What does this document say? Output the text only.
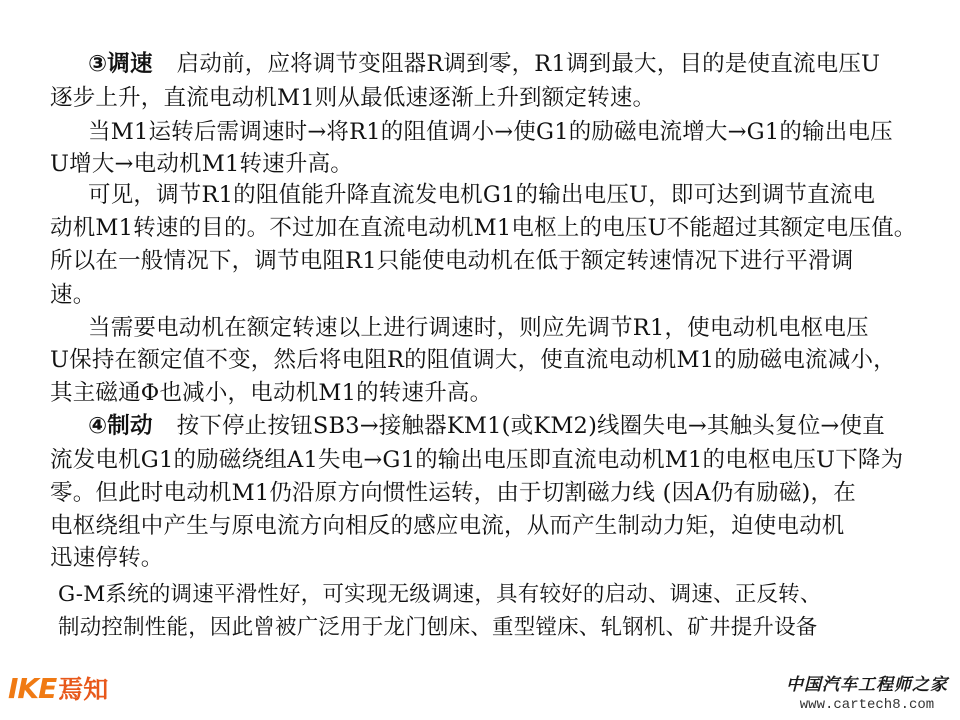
③调速 启动前，应将调节变阻器R调到零，R1调到最大，目的是使直流电压U
逐步上升，直流电动机M1则从最低速逐渐上升到额定转速。
当M1运转后需调速时→将R1的阻值调小→使G1的励磁电流增大→G1的输出电压
U增大→电动机M1转速升高。
可见，调节R1的阻值能升降直流发电机G1的输出电压U，即可达到调节直流电
动机M1转速的目的。不过加在直流电动机M1电枢上的电压U不能超过其额定电压值。
所以在一般情况下，调节电阻R1只能使电动机在低于额定转速情况下进行平滑调
速。
当需要电动机在额定转速以上进行调速时，则应先调节R1，使电动机电枢电压
U保持在额定值不变，然后将电阻R的阻值调大，使直流电动机M1的励磁电流减小，
其主磁通Φ也减小，电动机M1的转速升高。
④制动 按下停止按钮SB3→接触器KM1(或KM2)线圈失电→其触头复位→使直
流发电机G1的励磁绕组A1失电→G1的输出电压即直流电动机M1的电枢电压U下降为
零。但此时电动机M1仍沿原方向惯性运转，由于切割磁力线 (因A仍有励磁)，在
电枢绕组中产生与原电流方向相反的感应电流，从而产生制动力矩，迫使电动机
迅速停转。
G-M系统的调速平滑性好，可实现无级调速，具有较好的启动、调速、正反转、
制动控制性能，因此曾被广泛用于龙门刨床、重型镗床、轧钢机、矿井提升设备
IKE 焉知	中国汽车工程师之家
www.cartech8.com
